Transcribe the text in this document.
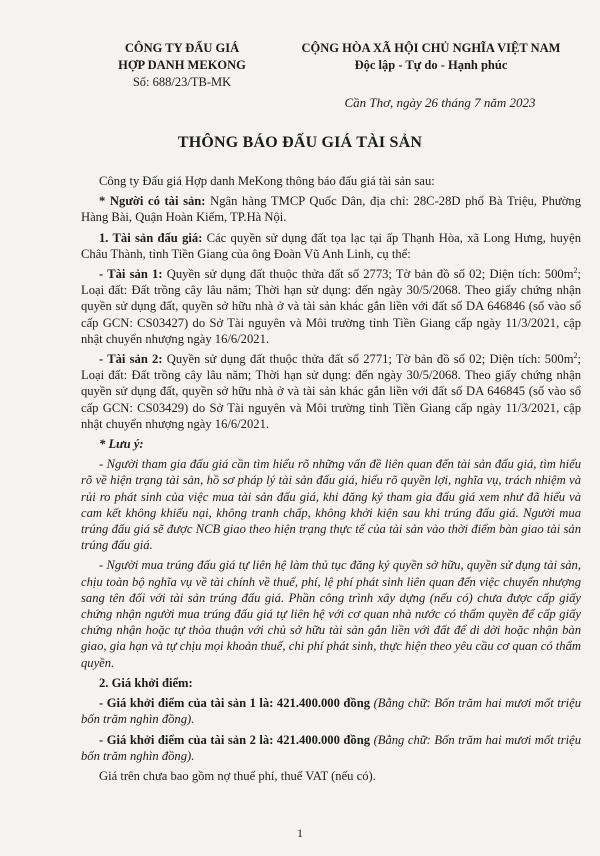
CÔNG TY ĐẤU GIÁ
HỢP DANH MEKONG
Số: 688/23/TB-MK
CỘNG HÒA XÃ HỘI CHỦ NGHĨA VIỆT NAM
Độc lập - Tự do - Hạnh phúc
Cần Thơ, ngày 26 tháng 7 năm 2023
THÔNG BÁO ĐẤU GIÁ TÀI SẢN

Công ty Đấu giá Hợp danh MeKong thông báo đấu giá tài sản sau:

* Người có tài sản: Ngân hàng TMCP Quốc Dân, địa chỉ: 28C-28D phố Bà Triệu, Phường Hàng Bài, Quận Hoàn Kiếm, TP.Hà Nội.

1. Tài sản đấu giá: Các quyền sử dụng đất tọa lạc tại ấp Thạnh Hòa, xã Long Hưng, huyện Châu Thành, tỉnh Tiền Giang của ông Đoàn Vũ Anh Linh, cụ thể:

- Tài sản 1: Quyền sử dụng đất thuộc thửa đất số 2773; Tờ bản đồ số 02; Diện tích: $500m^2$; Loại đất: Đất trồng cây lâu năm; Thời hạn sử dụng: đến ngày 30/5/2068. Theo giấy chứng nhận quyền sử dụng đất, quyền sở hữu nhà ở và tài sản khác gắn liền với đất số DA 646846 (số vào sổ cấp GCN: CS03427) do Sở Tài nguyên và Môi trường tỉnh Tiền Giang cấp ngày 11/3/2021, cập nhật chuyển nhượng ngày 16/6/2021.

- Tài sản 2: Quyền sử dụng đất thuộc thửa đất số 2771; Tờ bản đồ số 02; Diện tích: $500m^2$; Loại đất: Đất trồng cây lâu năm; Thời hạn sử dụng: đến ngày 30/5/2068. Theo giấy chứng nhận quyền sử dụng đất, quyền sở hữu nhà ở và tài sản khác gắn liền với đất số DA 646845 (số vào sổ cấp GCN: CS03429) do Sở Tài nguyên và Môi trường tỉnh Tiền Giang cấp ngày 11/3/2021, cập nhật chuyển nhượng ngày 16/6/2021.

* Lưu ý:

- Người tham gia đấu giá cần tìm hiểu rõ những vấn đề liên quan đến tài sản đấu giá, tìm hiểu rõ về hiện trạng tài sản, hồ sơ pháp lý tài sản đấu giá, hiểu rõ quyền lợi, nghĩa vụ, trách nhiệm và rủi ro phát sinh của việc mua tài sản đấu giá, khi đăng ký tham gia đấu giá xem như đã hiểu và cam kết không khiếu nại, không tranh chấp, không khởi kiện sau khi trúng đấu giá. Người mua trúng đấu giá sẽ được NCB giao theo hiện trạng thực tế của tài sản vào thời điểm bàn giao tài sản trúng đấu giá.

- Người mua trúng đấu giá tự liên hệ làm thủ tục đăng ký quyền sở hữu, quyền sử dụng tài sản, chịu toàn bộ nghĩa vụ về tài chính về thuế, phí, lệ phí phát sinh liên quan đến việc chuyển nhượng sang tên đối với tài sản trúng đấu giá. Phần công trình xây dựng (nếu có) chưa được cấp giấy chứng nhận người mua trúng đấu giá tự liên hệ với cơ quan nhà nước có thẩm quyền để cấp giấy chứng nhận hoặc tự thỏa thuận với chủ sở hữu tài sản gắn liền với đất để di dời hoặc nhận bàn giao, gia hạn và tự chịu mọi khoản thuế, chi phí phát sinh, thực hiện theo yêu cầu cơ quan có thẩm quyền.

2. Giá khởi điểm:

- Giá khởi điểm của tài sản 1 là: 421.400.000 đồng (Bằng chữ: Bốn trăm hai mươi mốt triệu bốn trăm nghìn đồng).

- Giá khởi điểm của tài sản 2 là: 421.400.000 đồng (Bằng chữ: Bốn trăm hai mươi mốt triệu bốn trăm nghìn đồng).

Giá trên chưa bao gồm nợ thuế phí, thuế VAT (nếu có).

1
